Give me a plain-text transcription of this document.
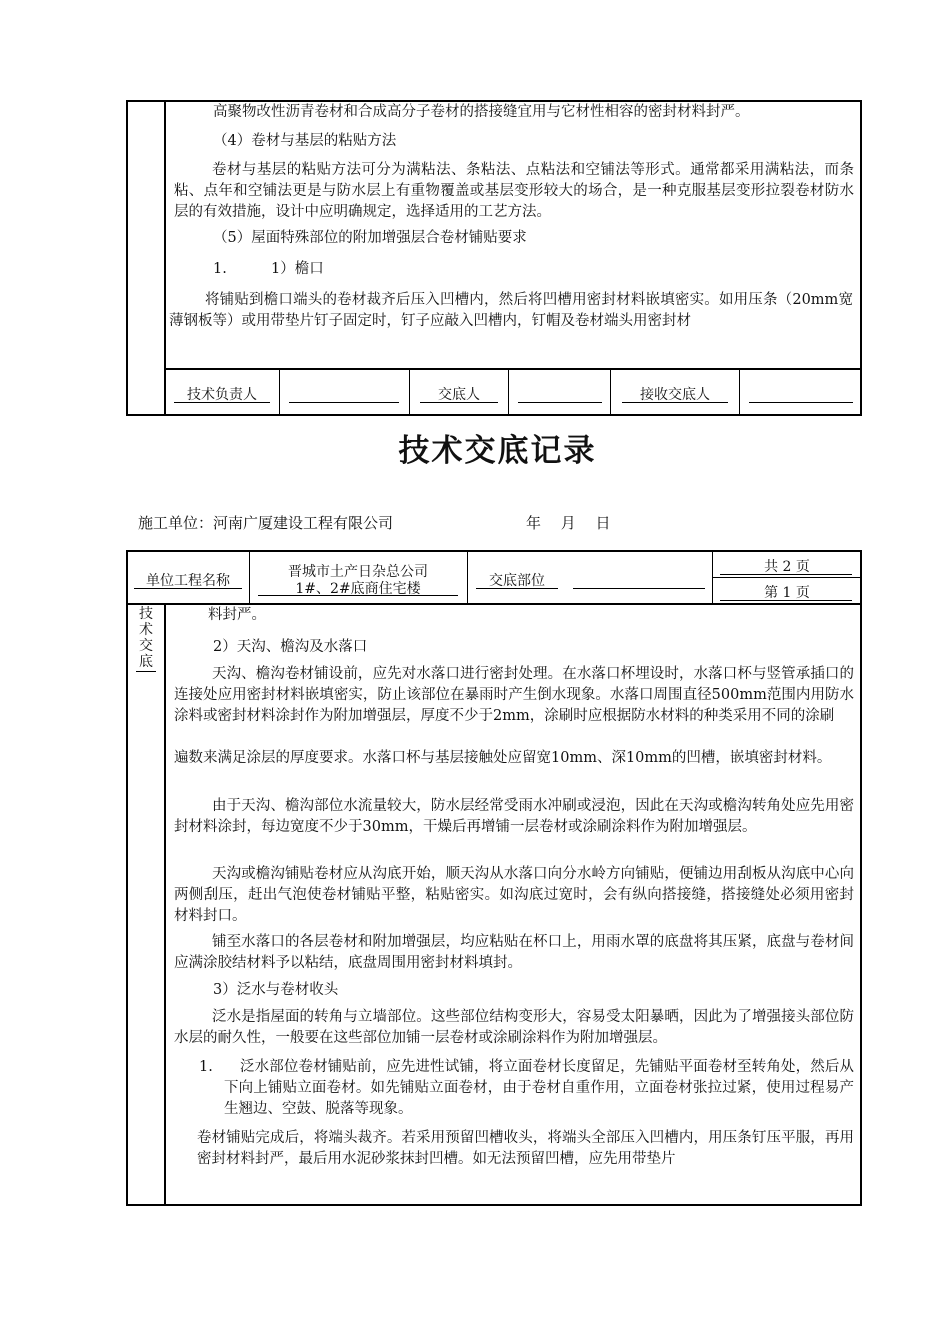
高聚物改性沥青卷材和合成高分子卷材的搭接缝宜用与它材性相容的密封材料封严。
（4）卷材与基层的粘贴方法
卷材与基层的粘贴方法可分为满粘法、条粘法、点粘法和空铺法等形式。通常都采用满粘法，而条粘、点年和空铺法更是与防水层上有重物覆盖或基层变形较大的场合，是一种克服基层变形拉裂卷材防水层的有效措施，设计中应明确规定，选择适用的工艺方法。
（5）屋面特殊部位的附加增强层合卷材铺贴要求
1.	1）檐口
将铺贴到檐口端头的卷材裁齐后压入凹槽内，然后将凹槽用密封材料嵌填密实。如用压条（20mm宽薄钢板等）或用带垫片钉子固定时，钉子应敲入凹槽内，钉帽及卷材端头用密封材
技术负责人	交底人	接收交底人
技术交底记录
施工单位：河南广厦建设工程有限公司	年　 月　 日
单位工程名称
晋城市土产日杂总公司
1#、2#底商住宅楼	交底部位
共 2 页
第 1 页
技
术
交
底
料封严。
2）天沟、檐沟及水落口
天沟、檐沟卷材铺设前，应先对水落口进行密封处理。在水落口杯埋设时，水落口杯与竖管承插口的连接处应用密封材料嵌填密实，防止该部位在暴雨时产生倒水现象。水落口周围直径500mm范围内用防水涂料或密封材料涂封作为附加增强层，厚度不少于2mm，涂刷时应根据防水材料的种类采用不同的涂刷
遍数来满足涂层的厚度要求。水落口杯与基层接触处应留宽10mm、深10mm的凹槽，嵌填密封材料。
由于天沟、檐沟部位水流量较大，防水层经常受雨水冲刷或浸泡，因此在天沟或檐沟转角处应先用密封材料涂封，每边宽度不少于30mm，干燥后再增铺一层卷材或涂刷涂料作为附加增强层。
天沟或檐沟铺贴卷材应从沟底开始，顺天沟从水落口向分水岭方向铺贴，便铺边用刮板从沟底中心向两侧刮压，赶出气泡使卷材铺贴平整，粘贴密实。如沟底过宽时，会有纵向搭接缝，搭接缝处必须用密封材料封口。
铺至水落口的各层卷材和附加增强层，均应粘贴在杯口上，用雨水罩的底盘将其压紧，底盘与卷材间应满涂胶结材料予以粘结，底盘周围用密封材料填封。
3）泛水与卷材收头
泛水是指屋面的转角与立墙部位。这些部位结构变形大，容易受太阳暴晒，因此为了增强接头部位防水层的耐久性，一般要在这些部位加铺一层卷材或涂刷涂料作为附加增强层。
1.	泛水部位卷材铺贴前，应先进性试铺，将立面卷材长度留足，先铺贴平面卷材至转角处，然后从下向上铺贴立面卷材。如先铺贴立面卷材，由于卷材自重作用，立面卷材张拉过紧，使用过程易产生翘边、空鼓、脱落等现象。
卷材铺贴完成后，将端头裁齐。若采用预留凹槽收头，将端头全部压入凹槽内，用压条钉压平服，再用密封材料封严，最后用水泥砂浆抹封凹槽。如无法预留凹槽，应先用带垫片
